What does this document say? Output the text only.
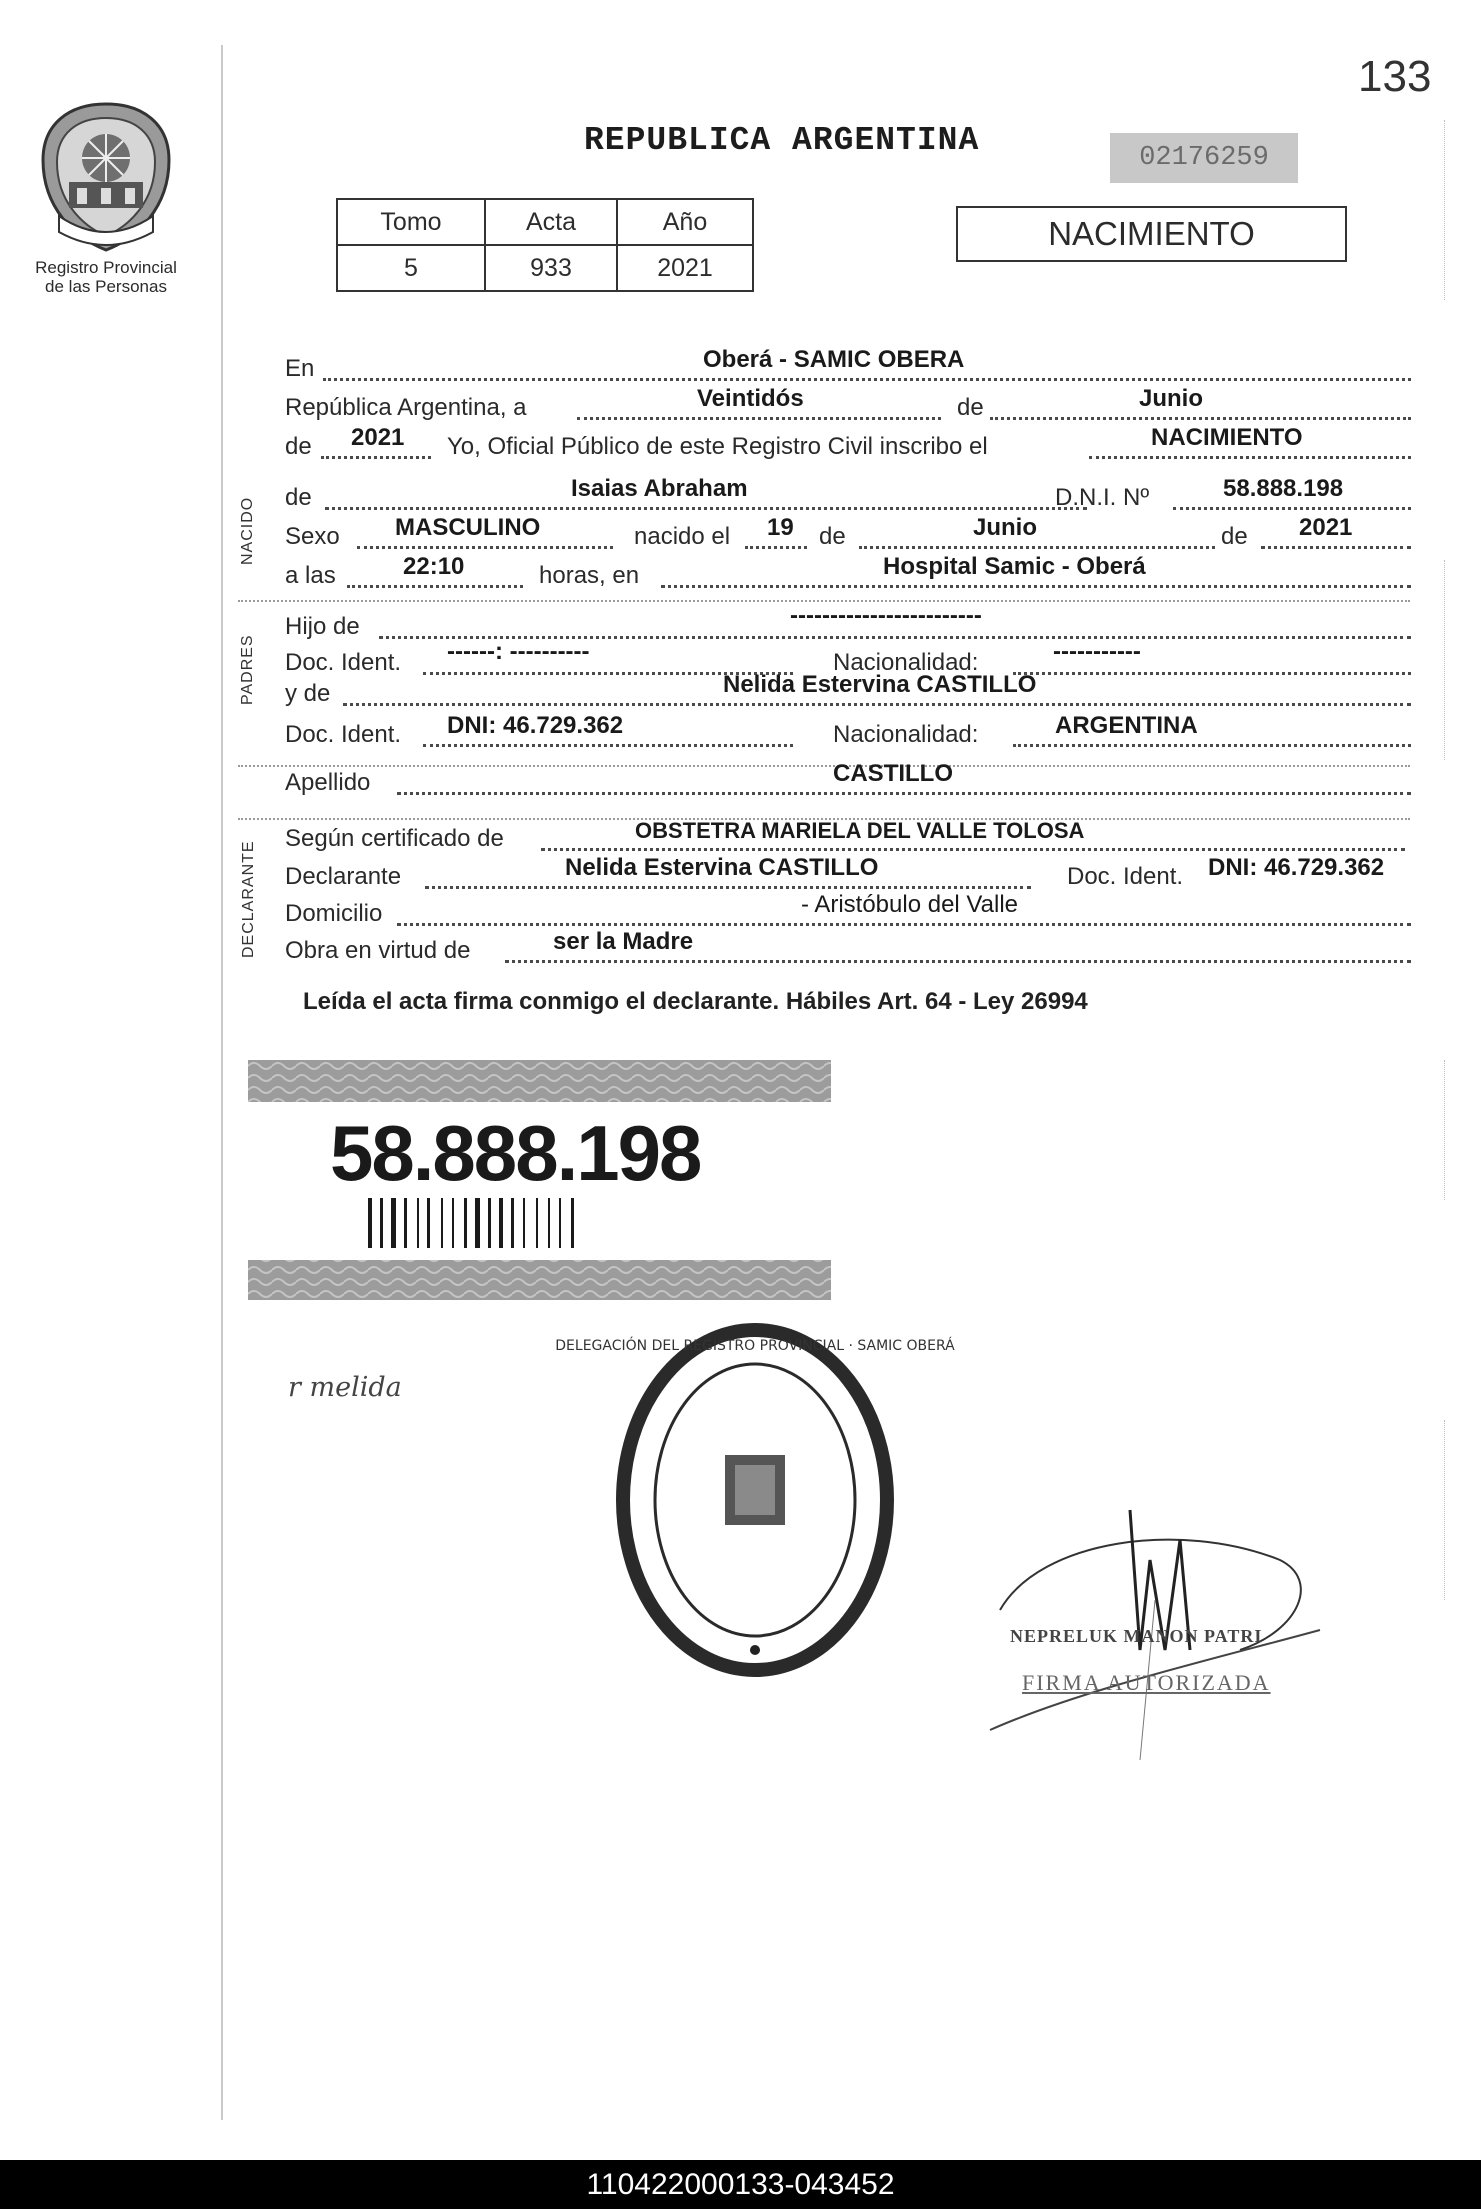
133
Registro Provincial
de las Personas
REPUBLICA ARGENTINA	02176259
Tomo	Acta	Año
5	933	2021
NACIMIENTO
NACIDO
PADRES
DECLARANTE
En	Oberá - SAMIC OBERA
República Argentina, a	Veintidós	de	Junio
de 2021 Yo, Oficial Público de este Registro Civil inscribo el	NACIMIENTO
de	Isaias Abraham	D.N.I. Nº	58.888.198
Sexo MASCULINO	nacido el 19 de	Junio	de 2021
a las	22:10	horas, en	Hospital Samic - Oberá
Hijo de	------------------------
Doc. Ident. ------: ----------	Nacionalidad:	-----------
y de	Nelida Estervina CASTILLO
Doc. Ident. DNI: 46.729.362	Nacionalidad:	ARGENTINA
Apellido	CASTILLO
Según certificado de	OBSTETRA MARIELA DEL VALLE TOLOSA
Declarante	Nelida Estervina CASTILLO	Doc. Ident. DNI: 46.729.362
Domicilio	- Aristóbulo del Valle
Obra en virtud de	ser la Madre
Leída el acta firma conmigo el declarante. Hábiles Art. 64 - Ley 26994
58.888.198
r melida
DELEGACIÓN DEL REGISTRO PROVINCIAL · SAMIC OBERÁ
NEPRELUK MANON PATRI
FIRMA AUTORIZADA
110422000133-043452
